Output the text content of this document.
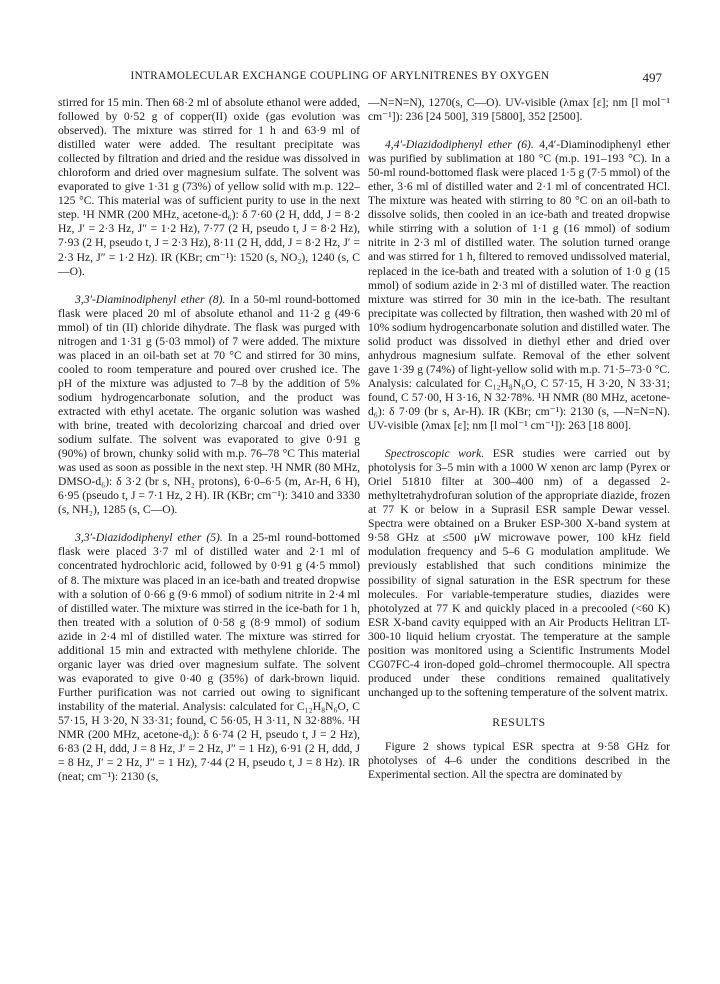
INTRAMOLECULAR EXCHANGE COUPLING OF ARYLNITRENES BY OXYGEN	497

stirred for 15 min. Then 68·2 ml of absolute ethanol were added, followed by 0·52 g of copper(II) oxide (gas evolution was observed). The mixture was stirred for 1 h and 63·9 ml of distilled water were added. The resultant precipitate was collected by filtration and dried and the residue was dissolved in chloroform and dried over magnesium sulfate. The solvent was evaporated to give 1·31 g (73%) of yellow solid with m.p. 122–125 °C. This material was of sufficient purity to use in the next step. ¹H NMR (200 MHz, acetone-d₆): δ 7·60 (2 H, ddd, J = 8·2 Hz, J′ = 2·3 Hz, J″ = 1·2 Hz), 7·77 (2 H, pseudo t, J = 8·2 Hz), 7·93 (2 H, pseudo t, J = 2·3 Hz), 8·11 (2 H, ddd, J = 8·2 Hz, J′ = 2·3 Hz, J″ = 1·2 Hz). IR (KBr; cm⁻¹): 1520 (s, NO₂), 1240 (s, C—O).

3,3′-Diaminodiphenyl ether (8). In a 50-ml round-bottomed flask were placed 20 ml of absolute ethanol and 11·2 g (49·6 mmol) of tin (II) chloride dihydrate. The flask was purged with nitrogen and 1·31 g (5·03 mmol) of 7 were added. The mixture was placed in an oil-bath set at 70 °C and stirred for 30 mins, cooled to room temperature and poured over crushed ice. The pH of the mixture was adjusted to 7–8 by the addition of 5% sodium hydrogencarbonate solution, and the product was extracted with ethyl acetate. The organic solution was washed with brine, treated with decolorizing charcoal and dried over sodium sulfate. The solvent was evaporated to give 0·91 g (90%) of brown, chunky solid with m.p. 76–78 °C This material was used as soon as possible in the next step. ¹H NMR (80 MHz, DMSO-d₆): δ 3·2 (br s, NH₂ protons), 6·0–6·5 (m, Ar-H, 6 H), 6·95 (pseudo t, J = 7·1 Hz, 2 H). IR (KBr; cm⁻¹): 3410 and 3330 (s, NH₂), 1285 (s, C—O).

3,3′-Diazidodiphenyl ether (5). In a 25-ml round-bottomed flask were placed 3·7 ml of distilled water and 2·1 ml of concentrated hydrochloric acid, followed by 0·91 g (4·5 mmol) of 8. The mixture was placed in an ice-bath and treated dropwise with a solution of 0·66 g (9·6 mmol) of sodium nitrite in 2·4 ml of distilled water. The mixture was stirred in the ice-bath for 1 h, then treated with a solution of 0·58 g (8·9 mmol) of sodium azide in 2·4 ml of distilled water. The mixture was stirred for additional 15 min and extracted with methylene chloride. The organic layer was dried over magnesium sulfate. The solvent was evaporated to give 0·40 g (35%) of dark-brown liquid. Further purification was not carried out owing to significant instability of the material. Analysis: calculated for C₁₂H₈N₆O, C 57·15, H 3·20, N 33·31; found, C 56·05, H 3·11, N 32·88%. ¹H NMR (200 MHz, acetone-d₆): δ 6·74 (2 H, pseudo t, J = 2 Hz), 6·83 (2 H, ddd, J = 8 Hz, J′ = 2 Hz, J″ = 1 Hz), 6·91 (2 H, ddd, J = 8 Hz, J′ = 2 Hz, J″ = 1 Hz), 7·44 (2 H, pseudo t, J = 8 Hz). IR (neat; cm⁻¹): 2130 (s,

—N=N=N), 1270(s, C—O). UV-visible (λmax [ε]; nm [l mol⁻¹ cm⁻¹]): 236 [24 500], 319 [5800], 352 [2500].

4,4′-Diazidodiphenyl ether (6). 4,4′-Diaminodiphenyl ether was purified by sublimation at 180 °C (m.p. 191–193 °C). In a 50-ml round-bottomed flask were placed 1·5 g (7·5 mmol) of the ether, 3·6 ml of distilled water and 2·1 ml of concentrated HCl. The mixture was heated with stirring to 80 °C on an oil-bath to dissolve solids, then cooled in an ice-bath and treated dropwise while stirring with a solution of 1·1 g (16 mmol) of sodium nitrite in 2·3 ml of distilled water. The solution turned orange and was stirred for 1 h, filtered to removed undissolved material, replaced in the ice-bath and treated with a solution of 1·0 g (15 mmol) of sodium azide in 2·3 ml of distilled water. The reaction mixture was stirred for 30 min in the ice-bath. The resultant precipitate was collected by filtration, then washed with 20 ml of 10% sodium hydrogencarbonate solution and distilled water. The solid product was dissolved in diethyl ether and dried over anhydrous magnesium sulfate. Removal of the ether solvent gave 1·39 g (74%) of light-yellow solid with m.p. 71·5–73·0 °C. Analysis: calculated for C₁₂H₈N₆O, C 57·15, H 3·20, N 33·31; found, C 57·00, H 3·16, N 32·78%. ¹H NMR (80 MHz, acetone-d₆): δ 7·09 (br s, Ar-H). IR (KBr; cm⁻¹): 2130 (s, —N=N=N). UV-visible (λmax [ε]; nm [l mol⁻¹ cm⁻¹]): 263 [18 800].

Spectroscopic work. ESR studies were carried out by photolysis for 3–5 min with a 1000 W xenon arc lamp (Pyrex or Oriel 51810 filter at 300–400 nm) of a degassed 2-methyltetrahydrofuran solution of the appropriate diazide, frozen at 77 K or below in a Suprasil ESR sample Dewar vessel. Spectra were obtained on a Bruker ESP-300 X-band system at 9·58 GHz at ≤500 μW microwave power, 100 kHz field modulation frequency and 5–6 G modulation amplitude. We previously established that such conditions minimize the possibility of signal saturation in the ESR spectrum for these molecules. For variable-temperature studies, diazides were photolyzed at 77 K and quickly placed in a precooled (<60 K) ESR X-band cavity equipped with an Air Products Helitran LT-300-10 liquid helium cryostat. The temperature at the sample position was monitored using a Scientific Instruments Model CG07FC-4 iron-doped gold–chromel thermocouple. All spectra produced under these conditions remained qualitatively unchanged up to the softening temperature of the solvent matrix.

RESULTS

Figure 2 shows typical ESR spectra at 9·58 GHz for photolyses of 4–6 under the conditions described in the Experimental section. All the spectra are dominated by
